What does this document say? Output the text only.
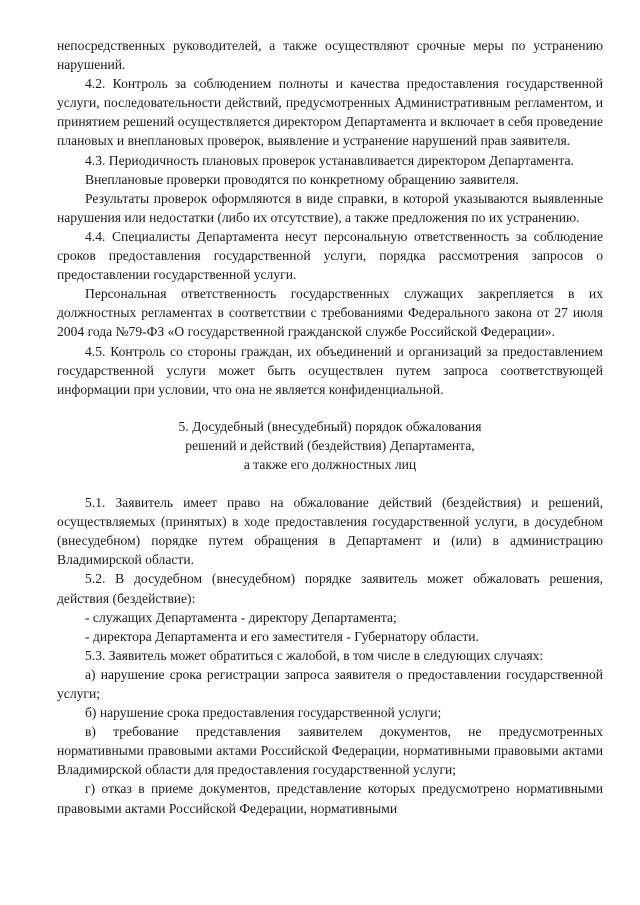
непосредственных руководителей, а также осуществляют срочные меры по устранению нарушений.

4.2. Контроль за соблюдением полноты и качества предоставления государственной услуги, последовательности действий, предусмотренных Административным регламентом, и принятием решений осуществляется директором Департамента и включает в себя проведение плановых и внеплановых проверок, выявление и устранение нарушений прав заявителя.

4.3. Периодичность плановых проверок устанавливается директором Департамента.

Внеплановые проверки проводятся по конкретному обращению заявителя.

Результаты проверок оформляются в виде справки, в которой указываются выявленные нарушения или недостатки (либо их отсутствие), а также предложения по их устранению.

4.4. Специалисты Департамента несут персональную ответственность за соблюдение сроков предоставления государственной услуги, порядка рассмотрения запросов о предоставлении государственной услуги.

Персональная ответственность государственных служащих закрепляется в их должностных регламентах в соответствии с требованиями Федерального закона от 27 июля 2004 года №79-ФЗ «О государственной гражданской службе Российской Федерации».

4.5. Контроль со стороны граждан, их объединений и организаций за предоставлением государственной услуги может быть осуществлен путем запроса соответствующей информации при условии, что она не является конфиденциальной.

5. Досудебный (внесудебный) порядок обжалования
решений и действий (бездействия) Департамента,
а также его должностных лиц

5.1. Заявитель имеет право на обжалование действий (бездействия) и решений, осуществляемых (принятых) в ходе предоставления государственной услуги, в досудебном (внесудебном) порядке путем обращения в Департамент и (или) в администрацию Владимирской области.

5.2. В досудебном (внесудебном) порядке заявитель может обжаловать решения, действия (бездействие):

- служащих Департамента - директору Департамента;

- директора Департамента и его заместителя - Губернатору области.

5.3. Заявитель может обратиться с жалобой, в том числе в следующих случаях:

а) нарушение срока регистрации запроса заявителя о предоставлении государственной услуги;

б) нарушение срока предоставления государственной услуги;

в) требование представления заявителем документов, не предусмотренных нормативными правовыми актами Российской Федерации, нормативными правовыми актами Владимирской области для предоставления государственной услуги;

г) отказ в приеме документов, представление которых предусмотрено нормативными правовыми актами Российской Федерации, нормативными
